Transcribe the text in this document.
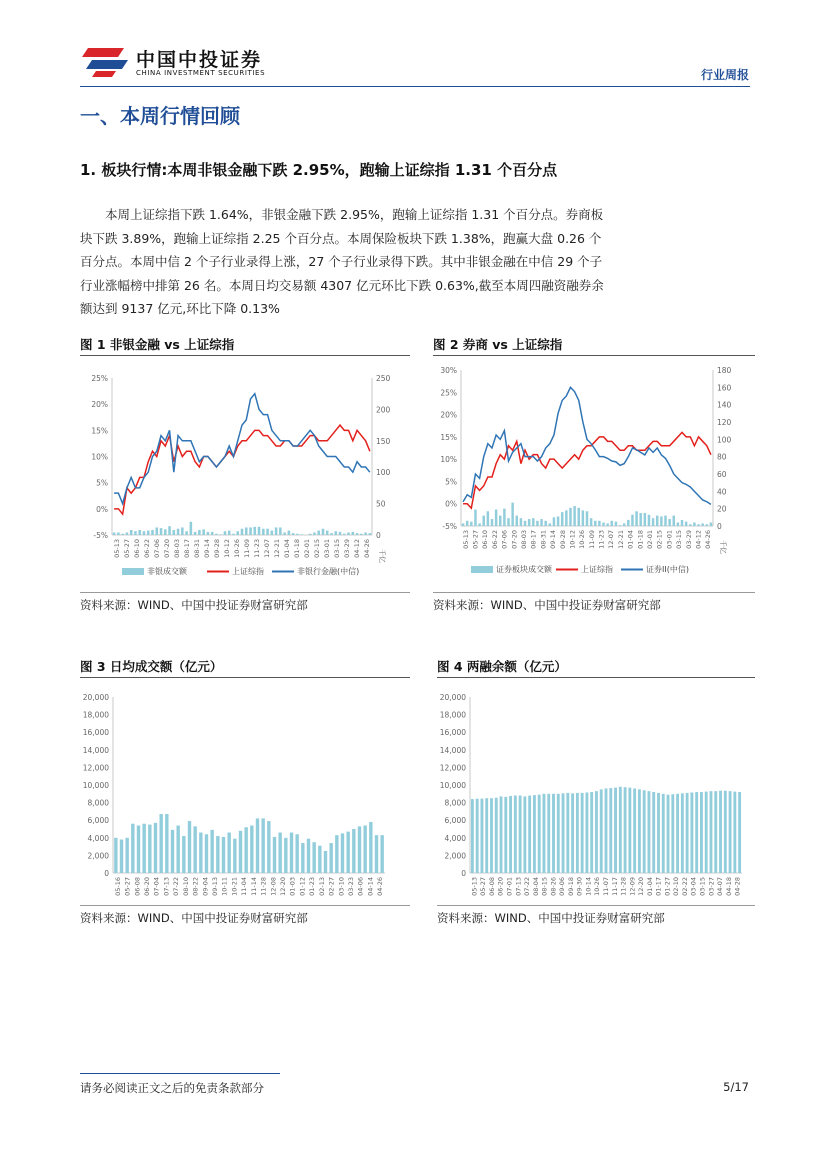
中国中投证券
CHINA INVESTMENT SECURITIES	行业周报
一、本周行情回顾
1. 板块行情:本周非银金融下跌 2.95%，跑输上证综指 1.31 个百分点

　　本周上证综指下跌 1.64%，非银金融下跌 2.95%，跑输上证综指 1.31 个百分点。券商板块下跌 3.89%，跑输上证综指 2.25 个百分点。本周保险板块下跌 1.38%，跑赢大盘 0.26 个百分点。本周中信 2 个子行业录得上涨，27 个子行业录得下跌。其中非银金融在中信 29 个子行业涨幅榜中排第 26 名。本周日均交易额 4307 亿元环比下跌 0.63%,截至本周四融资融券余额达到 9137 亿元,环比下降 0.13%

图 1 非银金融 vs 上证综指
-5%
0%
5%
10%
15%
20%
25%
0
50
100
150
200
250
千亿
05-13 05-27 06-10 06-22 07-06 07-20 08-03 08-17 08-31 09-14 09-28 10-12 10-26 11-09 11-23 12-07 12-21 01-04 01-18 02-01 02-15 03-01 03-15 03-29 04-12 04-26
非银成交额	上证综指	非银行金融(中信)
资料来源：WIND、中国中投证券财富研究部
图 2 券商 vs 上证综指
-5%
0%
5%
10%
15%
20%
25%
30%
0
20
40
60
80
100
120
140
160
180
千亿
05-13 05-27 06-10 06-22 07-06 07-20 08-03 08-17 08-31 09-14 09-28 10-12 10-26 11-09 11-23 12-07 12-21 01-04 01-18 02-01 02-15 03-01 03-15 03-29 04-12 04-26
证券板块成交额	上证综指	证券II(中信)
资料来源：WIND、中国中投证券财富研究部
图 3 日均成交额（亿元）
0
2,000
4,000
6,000
8,000
10,000
12,000
14,000
16,000
18,000
20,000
05-16 05-27 06-08 06-20 07-04 07-13 07-22 08-10 08-22 09-04 09-13 10-11 10-21 11-04 11-14 11-28 12-08 12-20 01-03 01-12 01-23 02-13 02-27 03-10 03-23 04-06 04-14 04-26
资料来源：WIND、中国中投证券财富研究部
图 4 两融余额（亿元）
0
2,000
4,000
6,000
8,000
10,000
12,000
14,000
16,000
18,000
20,000
05-13 05-27 06-08 06-20 07-01 07-13 07-22 08-04 08-15 08-26 09-06 09-18 09-30 10-14 10-26 11-07 11-17 11-28 12-09 12-20 01-04 01-17 01-27 02-10 02-22 03-04 03-15 03-27 04-07 04-18 04-28
资料来源：WIND、中国中投证券财富研究部
请务必阅读正文之后的免责条款部分	5/17
